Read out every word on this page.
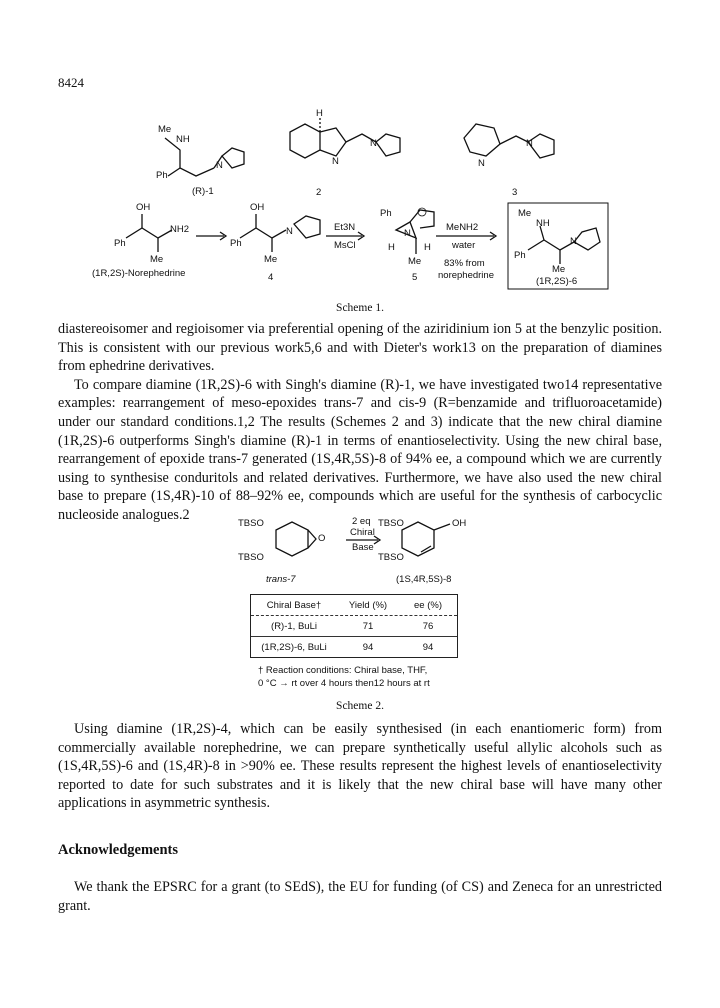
8424
Me
NH
Ph
N
(R)-1
H
N
N
2
N
N
3
OH
NH2
Ph
Me
(1R,2S)-Norephedrine
OH
Ph
Me
N
4
Et3N
MsCl
Ph
N
H	H
Me
5
MeNH2
water
83% from
norephedrine
Me
NH
Ph
N
Me
(1R,2S)-6
Scheme 1.

diastereoisomer and regioisomer via preferential opening of the aziridinium ion 5 at the benzylic position. This is consistent with our previous work5,6 and with Dieter's work13 on the preparation of diamines from ephedrine derivatives.

To compare diamine (1R,2S)-6 with Singh's diamine (R)-1, we have investigated two14 representative examples: rearrangement of meso-epoxides trans-7 and cis-9 (R=benzamide and trifluoroacetamide) under our standard conditions.1,2 The results (Schemes 2 and 3) indicate that the new chiral diamine (1R,2S)-6 outperforms Singh's diamine (R)-1 in terms of enantioselectivity. Using the new chiral base, rearrangement of epoxide trans-7 generated (1S,4R,5S)-8 of 94% ee, a compound which we are currently using to synthesise conduritols and related derivatives. Furthermore, we have also used the new chiral base to prepare (1S,4R)-10 of 88–92% ee, compounds which are useful for the synthesis of carbocyclic nucleoside analogues.2

TBSO
TBSO
O
2 eq
Chiral
Base
TBSO
TBSO
OH
trans-7	(1S,4R,5S)-8
Chiral Base†	Yield (%)	ee (%)
(R)-1, BuLi	71	76
(1R,2S)-6, BuLi	94	94
† Reaction conditions: Chiral base, THF,
0 °C → rt over 4 hours then12 hours at rt
Scheme 2.

Using diamine (1R,2S)-4, which can be easily synthesised (in each enantiomeric form) from commercially available norephedrine, we can prepare synthetically useful allylic alcohols such as (1S,4R,5S)-6 and (1S,4R)-8 in >90% ee. These results represent the highest levels of enantioselectivity reported to date for such substrates and it is likely that the new chiral base will have many other applications in asymmetric synthesis.

Acknowledgements

We thank the EPSRC for a grant (to SEdS), the EU for funding (of CS) and Zeneca for an unrestricted grant.
